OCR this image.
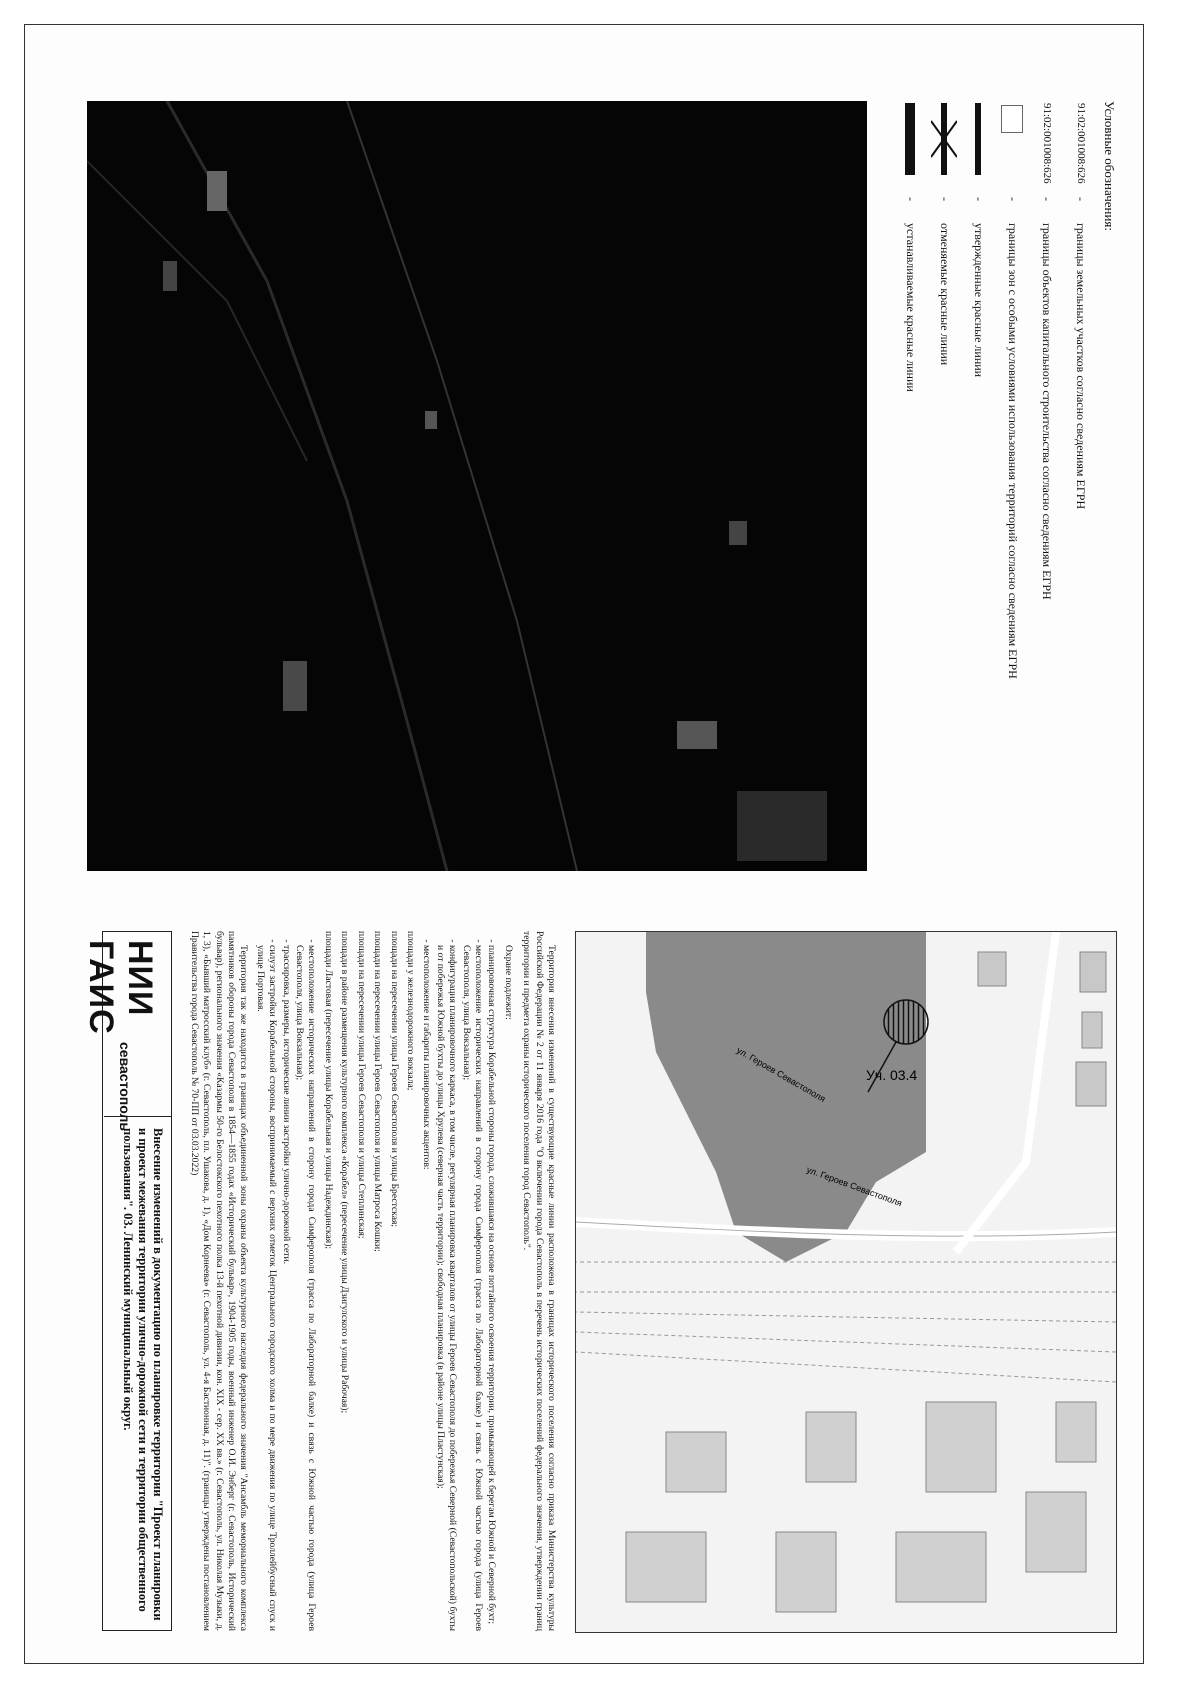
Условные обозначения:
91:02:001008:626
-
границы земельных участков согласно сведениям ЕГРН
91:02:001008:626
-
границы объектов капитального строительства согласно сведениям ЕГРН
-
границы зон с особыми условиями использования территорий согласно сведениям ЕГРН
-
утвержденные красные линии
-
отменяемые красные линии
-
устанавливаемые красные линии
Уч. 03.4
ул. Героев Севастополя
ул. Героев Севастополя

Территория внесения изменений в существующие красные линии расположена в границах исторического поселения согласно приказа Министерства культуры Российской Федерации № 2 от 11 января 2016 года "О включении города Севастополь в перечень исторических поселений федерального значения, утверждении границ территории и предмета охраны исторического поселения город Севастополь".

Охране подлежит:

- планировочная структура Корабельной стороны города, сложившаяся на основе поттайного освоения территории, примыкающей к берегам Южной и Северной бухт;
- местоположение исторических направлений в сторону города Симферополя (трасса по Лабораторной балке) и связь с Южной частью города (улица Героев Севастополя, улица Вокзальная);
- конфигурация планировочного каркаса, в том числе, регулярная планировка кварталов от улицы Героев Севастополя до побережья Северной (Севастопольской) бухты и от побережья Южной бухты до улицы Хрулева (северная часть территории); свободная планировка (в районе улицы Пластунская);
- местоположение и габариты планировочных акцентов:
площади у железнодорожного вокзала;
площади на пересечении улицы Героев Севастополя и улицы Брестская;
площади на пересечении улицы Героев Севастополя и улицы Матроса Кошки;
площади на пересечении улицы Героев Севастополя и улицы Степлинская;
площади в районе размещения культурного комплекса «Корабел» (пересечение улицы Дзигулского и улицы Рабочая);
площади Ластовая (пересечение улицы Корабельная и улицы Надеждинская);
- местоположение исторических направлений в сторону города Симферополя (трасса по Лабораторной балке) и связь с Южной частью города (улица Героев Севастополя, улица Вокзальная);
- трассировка, размеры, исторические линии застройки улично-дорожной сети.
- силуэт застройки Корабельной стороны, воспринимаемый с верхних отметок Центрального городского холма и по мере движения по улице Троллейбусный спуск и улице Портовая.

Территория так же находится в границах объединенной зоны охраны объекта культурного наследия федерального значения "Ансамбль мемориального комплекса памятников обороны города Севастополя в 1854—1855 годах «Исторический бульвар», 1904-1905 годы, военный инженер О.И. Энберг (г. Севастополь, Исторический бульвар), регионального значения «Казармы 50-го Белостокского пехотного полка 13-й пехотной дивизии, кон. XIX - сер. XX вв.» (г. Севастополь, ул. Николая Музыки, д. 1, 3), «Бывший матросский клуб» (г. Севастополь, пл. Ушакова, д. 1), «Дом Корнеева» (г. Севастополь, ул. 4-я Бастионная, д. 11)". (границы утверждены постановлением Правительства города Севастополь № 70-ПП от 03.03.2022)

НИИ ГАИС
севастополь
Внесение изменений в документацию по планировке территории "Проект планировки и проект межевания территории улично-дорожной сети и территории общественного пользования". 03. Ленинский муниципальный округ.
